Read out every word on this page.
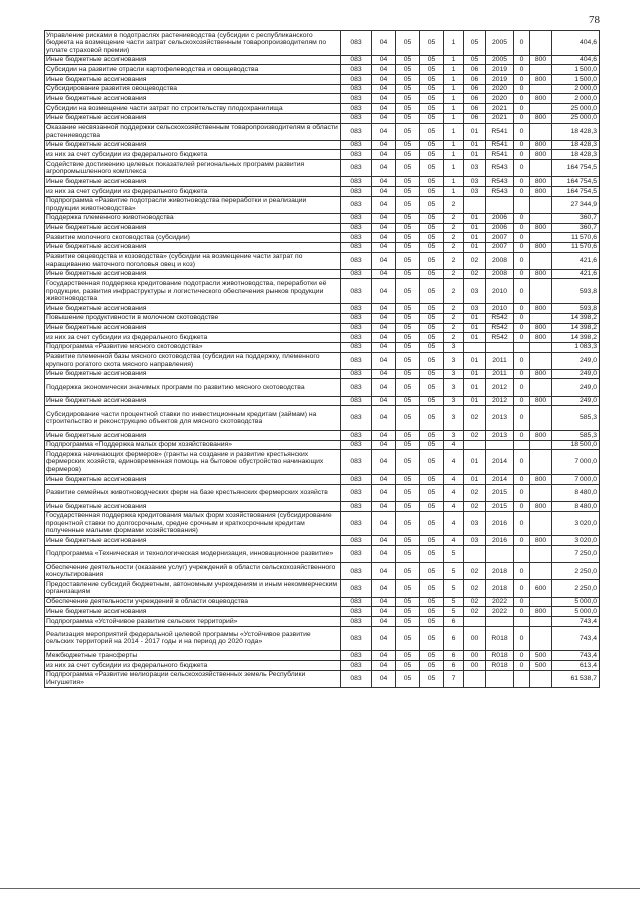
78
Управление рисками в подотраслях растениеводства (субсидии с республиканского бюджета на возмещение части затрат сельскохозяйственным товаропроизводителям по уплате страховой премии)	083	04	05	05	1	05	2005	0		404,6
Иные бюджетные ассигнования	083	04	05	05	1	05	2005	0	800	404,6
Субсидии на развитие отрасли картофелеводства и овощеводства	083	04	05	05	1	06	2019	0		1 500,0
Иные бюджетные ассигнования	083	04	05	05	1	06	2019	0	800	1 500,0
Субсидирование развития овощеводства	083	04	05	05	1	06	2020	0		2 000,0
Иные бюджетные ассигнования	083	04	05	05	1	06	2020	0	800	2 000,0
Субсидии на возмещение части затрат по строительству плодохранилища	083	04	05	05	1	06	2021	0		25 000,0
Иные бюджетные ассигнования	083	04	05	05	1	06	2021	0	800	25 000,0
Оказание несвязанной поддержки сельскохозяйственным товаропроизводителям в области растениеводства	083	04	05	05	1	01	R541	0		18 428,3
Иные бюджетные ассигнования	083	04	05	05	1	01	R541	0	800	18 428,3
из них за счет субсидии из федерального бюджета	083	04	05	05	1	01	R541	0	800	18 428,3
Содействие достижению целевых показателей региональных программ развития агропромышленного комплекса	083	04	05	05	1	03	R543	0		164 754,5
Иные бюджетные ассигнования	083	04	05	05	1	03	R543	0	800	164 754,5
из них за счет субсидии из федерального бюджета	083	04	05	05	1	03	R543	0	800	164 754,5
Подпрограмма «Развитие подотрасли животноводства переработки и реализации продукции животноводства»	083	04	05	05	2					27 344,9
Поддержка племенного животноводства	083	04	05	05	2	01	2006	0		360,7
Иные бюджетные ассигнования	083	04	05	05	2	01	2006	0	800	360,7
Развитие молочного скотоводства (субсидии)	083	04	05	05	2	01	2007	0		11 570,6
Иные бюджетные ассигнования	083	04	05	05	2	01	2007	0	800	11 570,6
Развитие овцеводства и козоводства» (субсидии на возмещение части затрат по наращиванию маточного поголовья овец и коз)	083	04	05	05	2	02	2008	0		421,6
Иные бюджетные ассигнования	083	04	05	05	2	02	2008	0	800	421,6
Государственная поддержка кредитование подотрасли животноводства, переработки её продукции, развития инфраструктуры и логистического обеспечения рынков продукции животноводства	083	04	05	05	2	03	2010	0		593,8
Иные бюджетные ассигнования	083	04	05	05	2	03	2010	0	800	593,8
Повышение продуктивности в молочном скотоводстве	083	04	05	05	2	01	R542	0		14 398,2
Иные бюджетные ассигнования	083	04	05	05	2	01	R542	0	800	14 398,2
из них за счет субсидии из федерального бюджета	083	04	05	05	2	01	R542	0	800	14 398,2
Подпрограмма «Развитие мясного скотоводства»	083	04	05	05	3					1 083,3
Развитие племенной базы мясного скотоводства (субсидии на поддержку, племенного крупного рогатого скота мясного направления)	083	04	05	05	3	01	2011	0		249,0
Иные бюджетные ассигнования	083	04	05	05	3	01	2011	0	800	249,0
Поддержка экономически значимых программ по развитию мясного скотоводства	083	04	05	05	3	01	2012	0		249,0
Иные бюджетные ассигнования	083	04	05	05	3	01	2012	0	800	249,0
Субсидирование части процентной ставки по инвестиционным кредитам (займам) на строительство и реконструкцию объектов для мясного скотоводства	083	04	05	05	3	02	2013	0		585,3
Иные бюджетные ассигнования	083	04	05	05	3	02	2013	0	800	585,3
Подпрограмма «Поддержка малых форм хозяйствования»	083	04	05	05	4					18 500,0
Поддержка начинающих фермеров» (гранты на создание и развитие крестьянских фермерских хозяйств, единовременная помощь на бытовое обустройство начинающих фермеров)	083	04	05	05	4	01	2014	0		7 000,0
Иные бюджетные ассигнования	083	04	05	05	4	01	2014	0	800	7 000,0
Развитие семейных животноводческих ферм на базе крестьянских фермерских хозяйств	083	04	05	05	4	02	2015	0		8 480,0
Иные бюджетные ассигнования	083	04	05	05	4	02	2015	0	800	8 480,0
Государственная поддержка кредитования малых форм хозяйствования (субсидирование процентной ставки по долгосрочным, средне срочным и краткосрочным кредитам полученные малыми формами хозяйствования)	083	04	05	05	4	03	2016	0		3 020,0
Иные бюджетные ассигнования	083	04	05	05	4	03	2016	0	800	3 020,0
Подпрограмма «Техническая и технологическая модернизация, инновационное развитие»	083	04	05	05	5					7 250,0
Обеспечение деятельности (оказание услуг) учреждений в области сельскохозяйственного консультирования	083	04	05	05	5	02	2018	0		2 250,0
Предоставление субсидий бюджетным, автономным учреждениям и иным некоммерческим организациям	083	04	05	05	5	02	2018	0	600	2 250,0
Обеспечение деятельности учреждений в области овцеводства	083	04	05	05	5	02	2022	0		5 000,0
Иные бюджетные ассигнования	083	04	05	05	5	02	2022	0	800	5 000,0
Подпрограмма «Устойчивое развитие сельских территорий»	083	04	05	05	6					743,4
Реализация мероприятий федеральной целевой программы «Устойчивое развитие сельских территорий на 2014 - 2017 годы и на период до 2020 года»	083	04	05	05	6	00	R018	0		743,4
Межбюджетные трансферты	083	04	05	05	6	00	R018	0	500	743,4
из них за счет субсидии из федерального бюджета	083	04	05	05	6	00	R018	0	500	613,4
Подпрограмма «Развитие мелиорации сельскохозяйственных земель Республики Ингушетия»	083	04	05	05	7					61 538,7
